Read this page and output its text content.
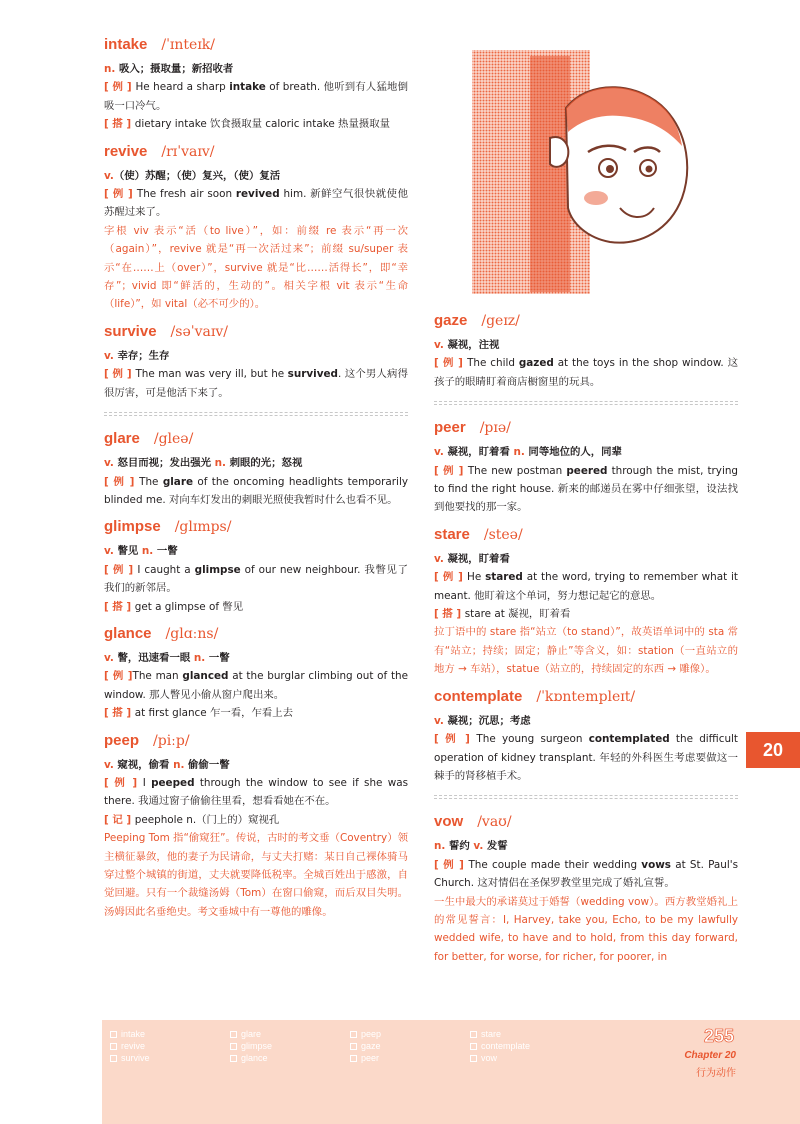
intake /ˈɪnteɪk/
n. 吸入；摄取量；新招收者
[ 例 ] He heard a sharp intake of breath. 他听到有人猛地倒吸一口冷气。
[ 搭 ] dietary intake 饮食摄取量 caloric intake 热量摄取量
revive /rɪˈvaɪv/
v.（使）苏醒；（使）复兴，（使）复活
[ 例 ] The fresh air soon revived him. 新鲜空气很快就使他苏醒过来了。
字根 viv 表示“活（to live）”，如：前缀 re 表示“再一次（again）”，revive 就是“再一次活过来”；前缀 su/super 表示“在……上（over）”，survive 就是“比……活得长”，即“幸存”；vivid 即“鲜活的，生动的”。相关字根 vit 表示“生命（life）”，如 vital（必不可少的）。
survive /səˈvaɪv/
v. 幸存；生存
[ 例 ] The man was very ill, but he survived. 这个男人病得很厉害，可是他活下来了。
glare /gleə/
v. 怒目而视；发出强光 n. 刺眼的光；怒视
[ 例 ] The glare of the oncoming headlights temporarily blinded me. 对向车灯发出的刺眼光照使我暂时什么也看不见。
glimpse /glɪmps/
v. 瞥见 n. 一瞥
[ 例 ] I caught a glimpse of our new neighbour. 我瞥见了我们的新邻居。
[ 搭 ] get a glimpse of 瞥见
glance /glɑːns/
v. 瞥，迅速看一眼 n. 一瞥
[ 例 ]The man glanced at the burglar climbing out of the window. 那人瞥见小偷从窗户爬出来。
[ 搭 ] at first glance 乍一看，乍看上去
peep /piːp/
v. 窥视，偷看 n. 偷偷一瞥
[ 例 ] I peeped through the window to see if she was there. 我通过窗子偷偷往里看，想看看她在不在。
[ 记 ] peephole n.（门上的）窥视孔
Peeping Tom 指“偷窥狂”。传说，古时的考文垂（Coventry）领主横征暴敛，他的妻子为民请命，与丈夫打赌：某日自己裸体骑马穿过整个城镇的街道，丈夫就要降低税率。全城百姓出于感激，自觉回避。只有一个裁缝汤姆（Tom）在窗口偷窥，而后双目失明。汤姆因此名垂绝史。考文垂城中有一尊他的雕像。
gaze /geɪz/
v. 凝视，注视
[ 例 ] The child gazed at the toys in the shop window. 这孩子的眼睛盯着商店橱窗里的玩具。
peer /pɪə/
v. 凝视，盯着看 n. 同等地位的人，同辈
[ 例 ] The new postman peered through the mist, trying to find the right house. 新来的邮递员在雾中仔细张望，设法找到他要找的那一家。
stare /steə/
v. 凝视，盯着看
[ 例 ] He stared at the word, trying to remember what it meant. 他盯着这个单词，努力想记起它的意思。
[ 搭 ] stare at 凝视，盯着看
拉丁语中的 stare 指“站立（to stand）”，故英语单词中的 sta 常有“站立；持续；固定；静止”等含义，如：station（一直站立的地方 → 车站），statue（站立的，持续固定的东西 → 雕像）。
contemplate /ˈkɒntempleɪt/
v. 凝视；沉思；考虑
[ 例 ] The young surgeon contemplated the difficult operation of kidney transplant. 年轻的外科医生考虑要做这一棘手的肾移植手术。
vow /vaʊ/
n. 誓约 v. 发誓
[ 例 ] The couple made their wedding vows at St. Paul's Church. 这对情侣在圣保罗教堂里完成了婚礼宣誓。
一生中最大的承诺莫过于婚誓（wedding vow）。西方教堂婚礼上的常见誓言：I, Harvey, take you, Echo, to be my lawfully wedded wife, to have and to hold, from this day forward, for better, for worse, for richer, for poorer, in
20
intake
revive
survive
glare
glimpse
glance
peep
gaze
peer
stare
contemplate
vow
255
Chapter 20
行为动作
